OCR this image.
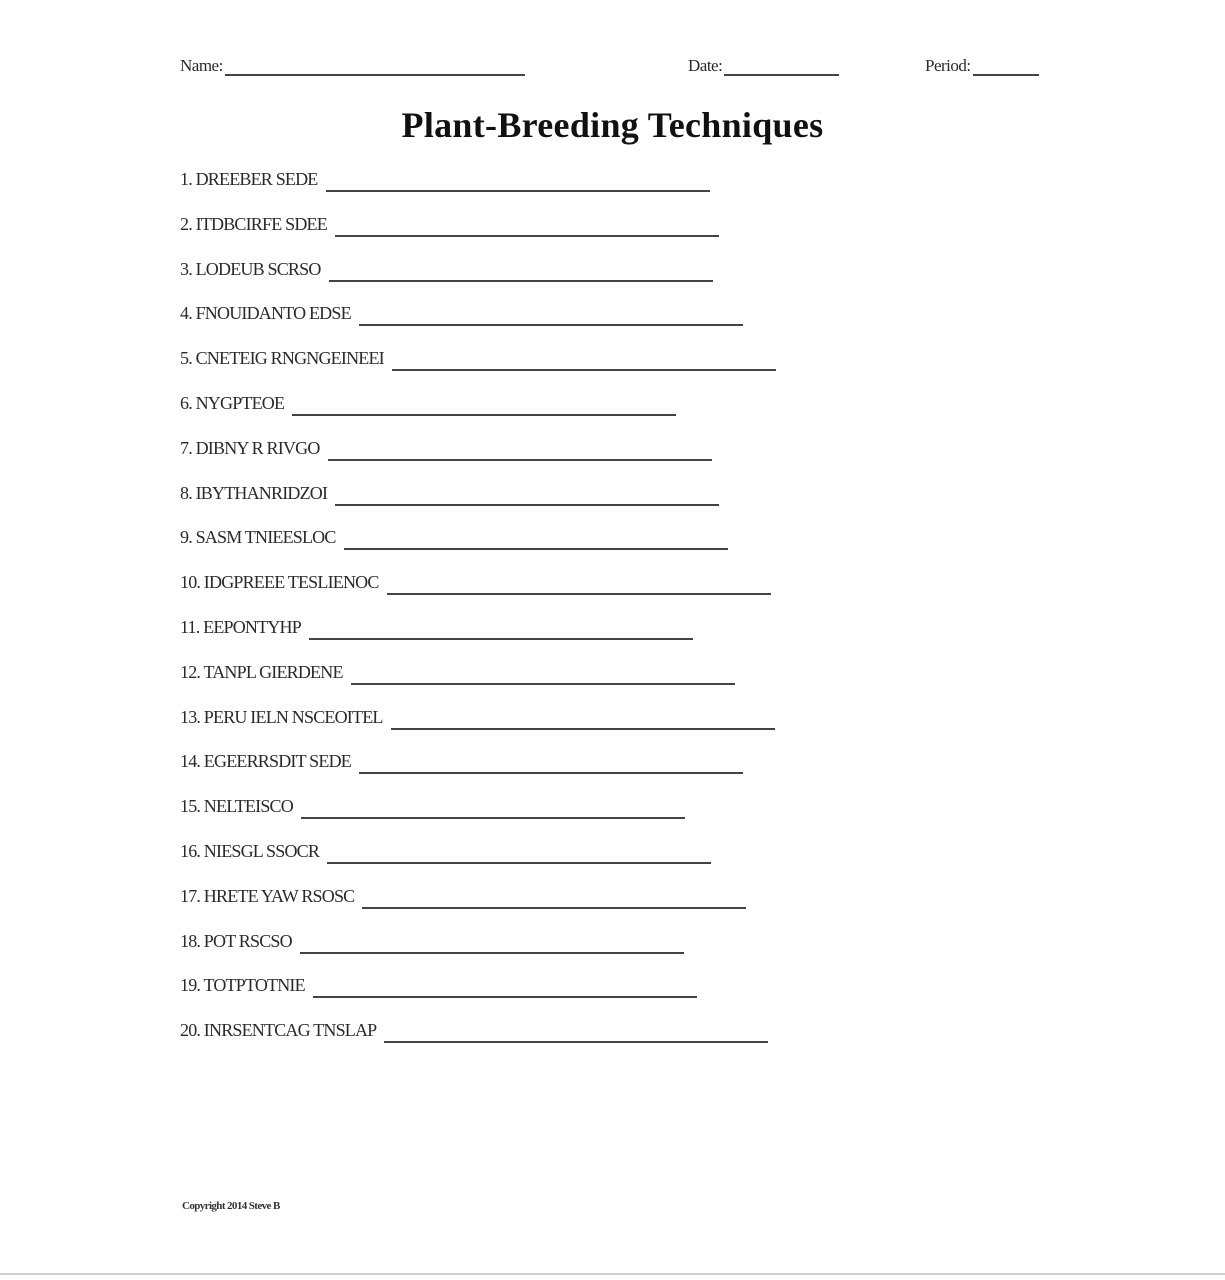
Name:	Date:	Period:
Plant-Breeding Techniques
1. DREEBER SEDE
2. ITDBCIRFE SDEE
3. LODEUB SCRSO
4. FNOUIDANTO EDSE
5. CNETEIG RNGNGEINEEI
6. NYGPTEOE
7. DIBNY R RIVGO
8. IBYTHANRIDZOI
9. SASM TNIEESLOC
10. IDGPREEE TESLIENOC
11. EEPONTYHP
12. TANPL GIERDENE
13. PERU IELN NSCEOITEL
14. EGEERRSDIT SEDE
15. NELTEISCO
16. NIESGL SSOCR
17. HRETE YAW RSOSC
18. POT RSCSO
19. TOTPTOTNIE
20. INRSENTCAG TNSLAP
Copyright 2014 Steve B
